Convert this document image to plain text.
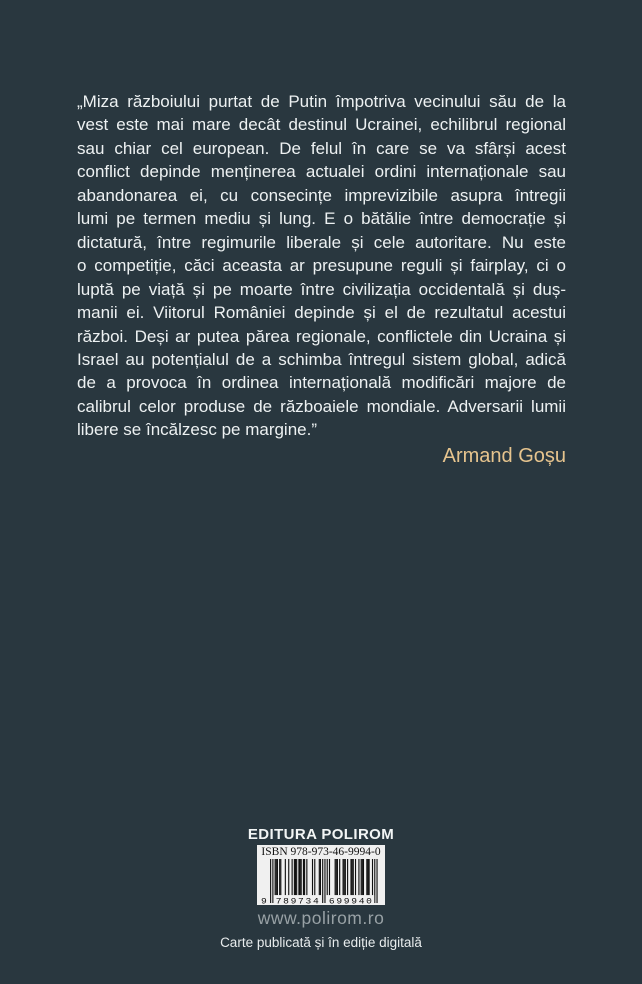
„Miza războiului purtat de Putin împotriva vecinului său de la
vest este mai mare decât destinul Ucrainei, echilibrul regional
sau chiar cel european. De felul în care se va sfârși acest
conflict depinde menținerea actualei ordini internaționale sau
abandonarea ei, cu consecințe imprevizibile asupra întregii
lumi pe termen mediu și lung. E o bătălie între democrație și
dictatură, între regimurile liberale și cele autoritare. Nu este
o competiție, căci aceasta ar presupune reguli și fairplay, ci o
luptă pe viață și pe moarte între civilizația occidentală și duș-
manii ei. Viitorul României depinde și el de rezultatul acestui
război. Deși ar putea părea regionale, conflictele din Ucraina și
Israel au potențialul de a schimba întregul sistem global, adică
de a provoca în ordinea internațională modificări majore de
calibrul celor produse de războaiele mondiale. Adversarii lumii
libere se încălzesc pe margine.”
Armand Goșu
EDITURA POLIROM
ISBN 978-973-46-9994-0
9 789734 699940
www.polirom.ro
Carte publicată și în ediție digitală
